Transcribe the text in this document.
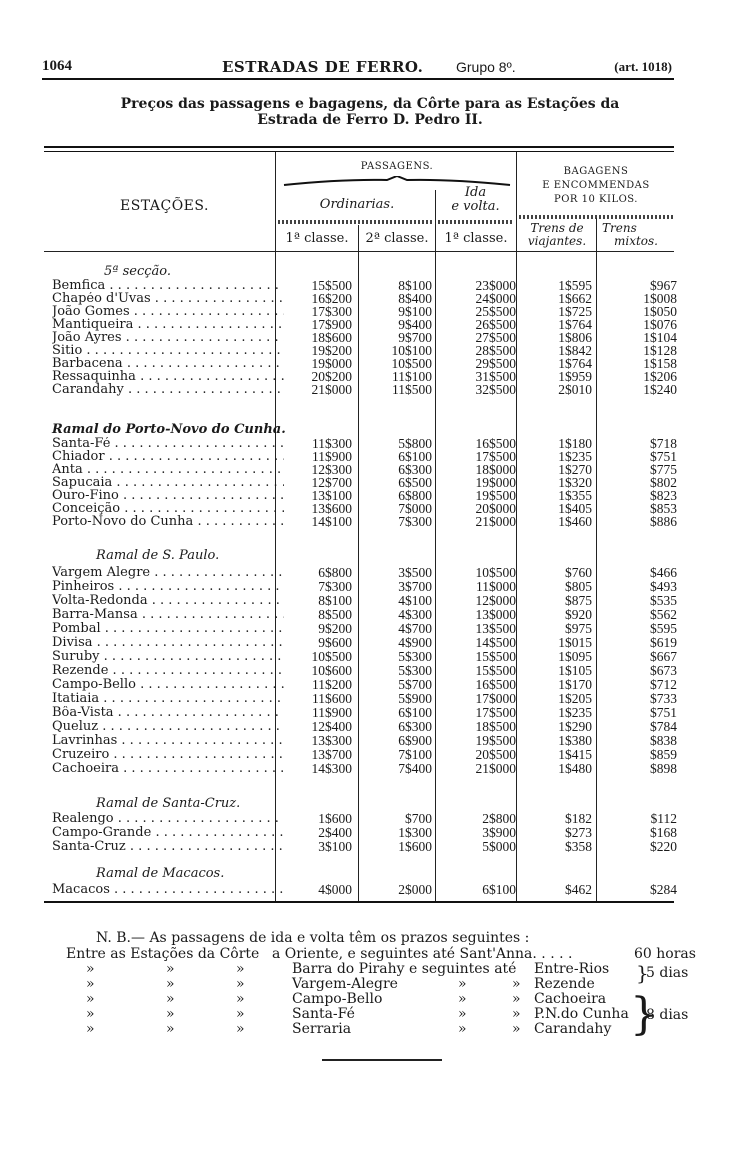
1064	ESTRADAS DE FERRO. Grupo 8º.	(art. 1018)
Preços das passagens e bagagens, da Côrte para as Estações da
Estrada de Ferro D. Pedro II.
ESTAÇÕES.
PASSAGENS.
Ordinarias.
Ida
e volta.
1ª classe.	2ª classe.	1ª classe.
BAGAGENS
E ENCOMMENDAS
POR 10 KILOS.
Trens de
viajantes.
Trens
mixtos.
5ª secção.
Bemfica . . .	15$500	8$100	23$000	1$595	$967
Chapéo d'Uvas . . .	16$200	8$400	24$000	1$662	1$008
João Gomes . . .	17$300	9$100	25$500	1$725	1$050
Mantiqueira . . .	17$900	9$400	26$500	1$764	1$076
João Ayres . . .	18$600	9$700	27$500	1$806	1$104
Sitio . . .	19$200	10$100	28$500	1$842	1$128
Barbacena . . .	19$000	10$500	29$500	1$764	1$158
Ressaquinha . . .	20$200	11$100	31$500	1$959	1$206
Carandahy . . .	21$000	11$500	32$500	2$010	1$240
Ramal do Porto-Novo do Cunha.
Santa-Fé . . .	11$300	5$800	16$500	1$180	$718
Chiador . . .	11$900	6$100	17$500	1$235	$751
Anta . . .	12$300	6$300	18$000	1$270	$775
Sapucaia . . .	12$700	6$500	19$000	1$320	$802
Ouro-Fino . . .	13$100	6$800	19$500	1$355	$823
Conceição . . .	13$600	7$000	20$000	1$405	$853
Porto-Novo do Cunha . . .	14$100	7$300	21$000	1$460	$886
Ramal de S. Paulo.
Vargem Alegre . . .	6$800	3$500	10$500	$760	$466
Pinheiros . . .	7$300	3$700	11$000	$805	$493
Volta-Redonda . . .	8$100	4$100	12$000	$875	$535
Barra-Mansa . . .	8$500	4$300	13$000	$920	$562
Pombal . . .	9$200	4$700	13$500	$975	$595
Divisa . . .	9$600	4$900	14$500	1$015	$619
Suruby . . .	10$500	5$300	15$500	1$095	$667
Rezende . . .	10$600	5$300	15$500	1$105	$673
Campo-Bello . . .	11$200	5$700	16$500	1$170	$712
Itatiaia . . .	11$600	5$900	17$000	1$205	$733
Bôa-Vista . . .	11$900	6$100	17$500	1$235	$751
Queluz . . .	12$400	6$300	18$500	1$290	$784
Lavrinhas . . .	13$300	6$900	19$500	1$380	$838
Cruzeiro . . .	13$700	7$100	20$500	1$415	$859
Cachoeira . . .	14$300	7$400	21$000	1$480	$898
Ramal de Santa-Cruz.
Realengo . . .	1$600	$700	2$800	$182	$112
Campo-Grande . . .	2$400	1$300	3$900	$273	$168
Santa-Cruz . . .	3$100	1$600	5$000	$358	$220
Ramal de Macacos.
Macacos . . .	4$000	2$000	6$100	$462	$284
N. B.— As passagens de ida e volta têm os prazos seguintes :
Entre as Estações da Côrte a Oriente, e seguintes até Sant'Anna. . . . .	60 horas
»	»	»	Barra do Pirahy e seguintes até Entre-Rios
»	»	»	Vargem-Alegre	»	» Rezende
»	»	»	Campo-Bello	»	» Cachoeira
»	»	»	Santa-Fé	»	» P.N.do Cunha
»	»	»	Serraria	»	» Carandahy
}
5 dias
}
8 dias
